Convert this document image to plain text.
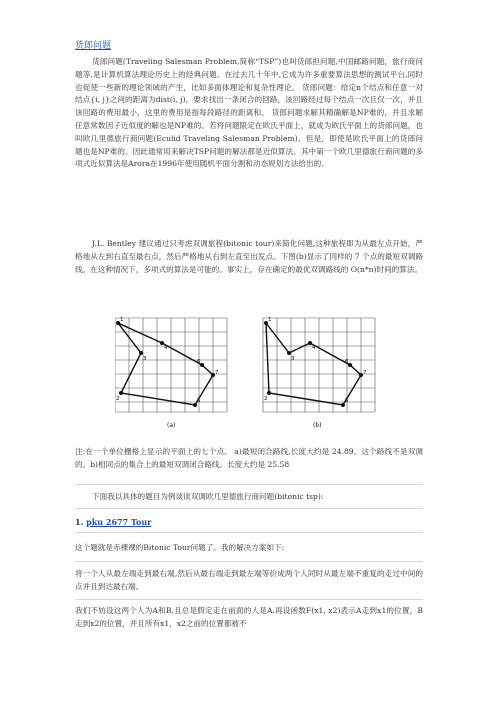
货郎问题

货郎问题(Traveling Salesman Problem,简称“TSP”)也叫货郎担问题,中国邮路问题，旅行商问题等,是计算机算法理论历史上的经典问题。在过去几十年中,它成为许多重要算法思想的测试平台,同时也促使一些新的理论领域的产生，比如多面体理论和复杂性理论。 货郎问题：给定n个结点和任意一对结点{i, j}之间的距离为dist(i, j)，要求找出一条闭合的回路，该回路经过每个结点一次且仅一次，并且该回路的费用最小，这里的费用是指每段路径的距离和。 货郎问题求解其精确解是NP难的，并且求解任意常数因子近似度的解也是NP难的。若将问题限定在欧氏平面上，就成为欧氏平面上的货郎问题，也叫欧几里德旅行商问题(Eculid Traveling Salesman Problem)。但是，即使是欧氏平面上的货郎问题也是NP难的。因此通常用来解决TSP问题的解法都是近似算法。其中第一个欧几里德旅行商问题的多项式近似算法是Arora在1996年使用随机平面分割和动态规划方法给出的。

J.L. Bentley 建议通过只考虑双调旅程(bitonic tour)来简化问题,这种旅程即为从最左点开始，严格地从左到右直至最右点，然后严格地从右到左直至出发点。下图(b)显示了同样的 7 个点的最短双调路线。在这种情况下，多项式的算法是可能的。事实上，存在确定的最优双调路线的 O(n*n)时间的算法。

1
2
3
4
5
6
7
(a)
1
2
3
4
5
6
7
(b)

注:在一个单位栅格上显示的平面上的七个点。 a)最短闭合路线,长度大约是 24.89。这个路线不是双调的。b)相同点的集合上的最短双调闭合路线。长度大约是 25.58

下面我以具体的题目为例谈谈双调欧几里德旅行商问题(bitonic tsp):

1. pku 2677 Tour

这个题就是赤裸裸的Bitonic Tour问题了。我的解决方案如下:

将一个人从最左端走到最右端,然后从最右端走到最左端等价成两个人同时从最左端不重复的走过中间的点并且到达最右端。

我们不妨设这两个人为A和B,且总是假定走在前面的人是A.再设函数F(x1, x2)表示A走到x1的位置，B走到x2的位置，并且所有x1，x2之前的位置都被不
